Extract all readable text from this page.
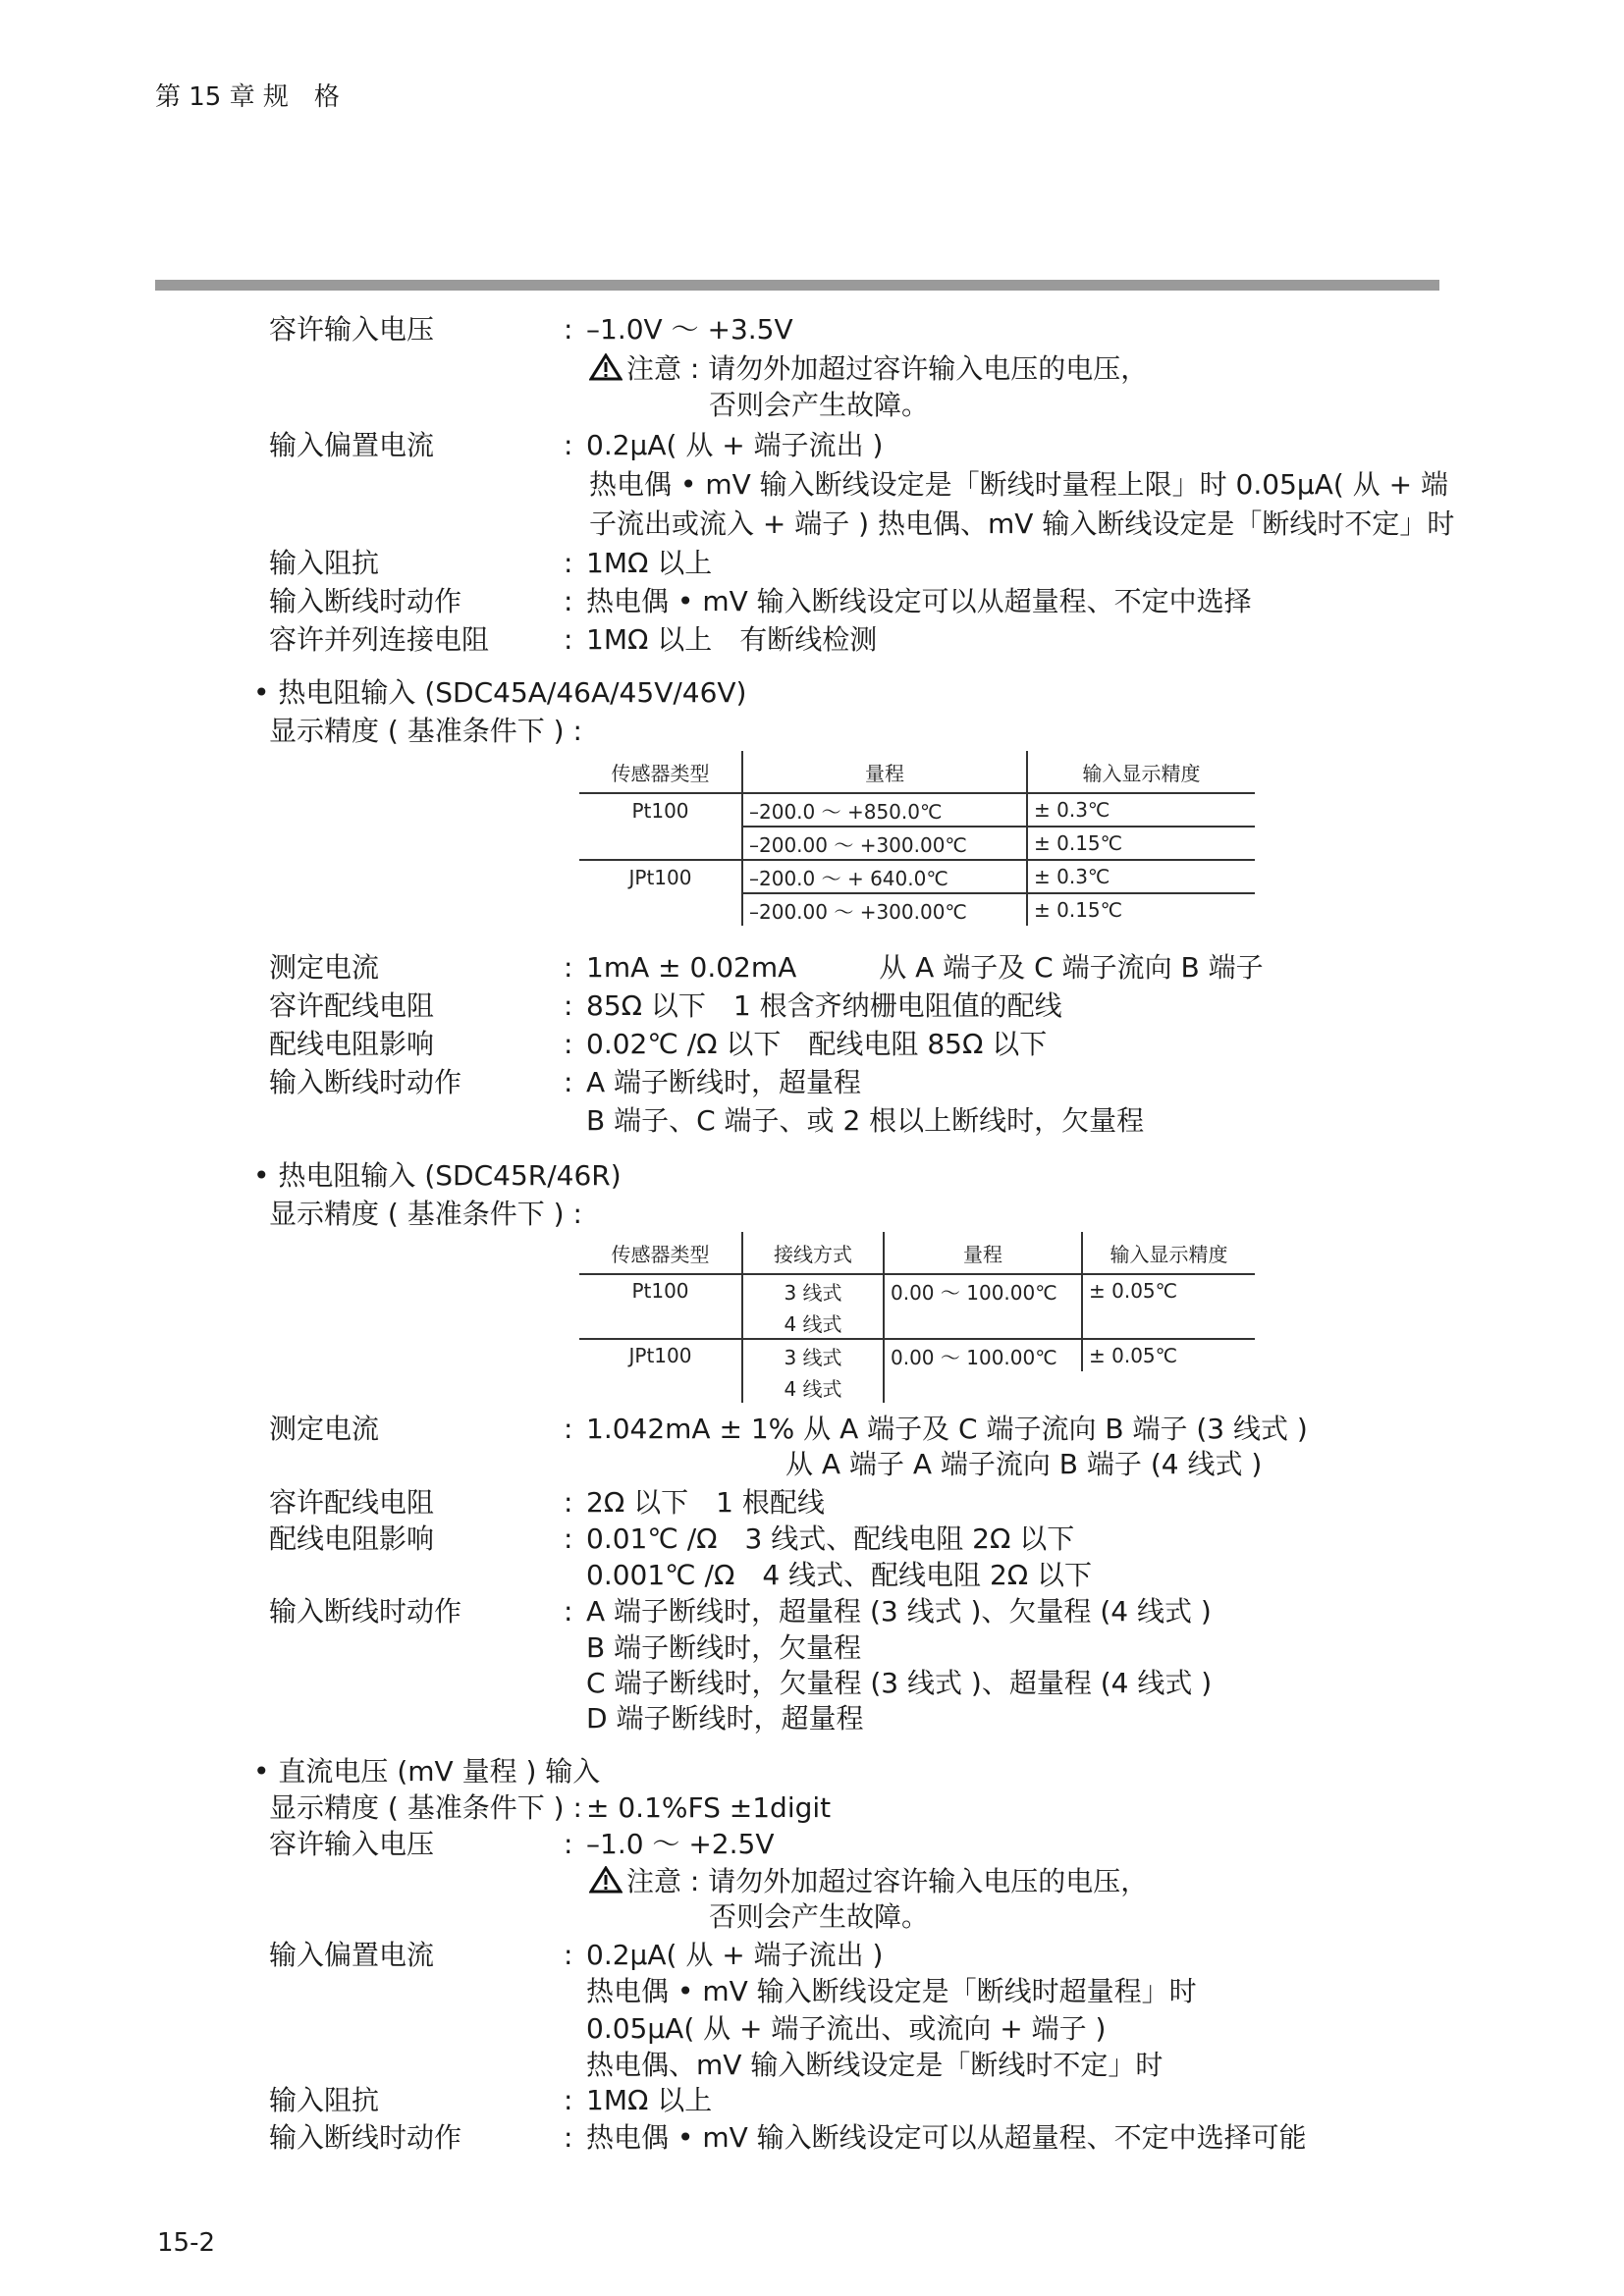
第 15 章 规　格
容许输入电压	: –1.0V ～ +3.5V
注意 : 请勿外加超过容许输入电压的电压，
否则会产生故障。
输入偏置电流	: 0.2μA( 从 + 端子流出 )
热电偶 • mV 输入断线设定是「断线时量程上限」时 0.05μA( 从 + 端
子流出或流入 + 端子 ) 热电偶、mV 输入断线设定是「断线时不定」时
输入阻抗	: 1MΩ 以上
输入断线时动作	: 热电偶 • mV 输入断线设定可以从超量程、不定中选择
容许并列连接电阻	: 1MΩ 以上　有断线检测
• 热电阻输入 (SDC45A/46A/45V/46V)
显示精度 ( 基准条件下 ) :
传感器类型	量程	输入显示精度
Pt100	–200.0 ～ +850.0℃	± 0.3℃
	–200.00 ～ +300.00℃	± 0.15℃
JPt100	–200.0 ～ + 640.0℃	± 0.3℃
	–200.00 ～ +300.00℃	± 0.15℃
测定电流	: 1mA ± 0.02mA　　　从 A 端子及 C 端子流向 B 端子
容许配线电阻	: 85Ω 以下　1 根含齐纳栅电阻值的配线
配线电阻影响	: 0.02℃ /Ω 以下　配线电阻 85Ω 以下
输入断线时动作	: A 端子断线时，超量程
B 端子、C 端子、或 2 根以上断线时，欠量程
• 热电阻输入 (SDC45R/46R)
显示精度 ( 基准条件下 ) :
传感器类型	接线方式	量程	输入显示精度
Pt100	3 线式	0.00 ～ 100.00℃	± 0.05℃
	4 线式		
JPt100	3 线式	0.00 ～ 100.00℃	± 0.05℃
	4 线式		
测定电流	: 1.042mA ± 1% 从 A 端子及 C 端子流向 B 端子 (3 线式 )
从 A 端子 A 端子流向 B 端子 (4 线式 )
容许配线电阻	: 2Ω 以下　1 根配线
配线电阻影响	: 0.01℃ /Ω　3 线式、配线电阻 2Ω 以下
0.001℃ /Ω　4 线式、配线电阻 2Ω 以下
输入断线时动作	: A 端子断线时，超量程 (3 线式 )、欠量程 (4 线式 )
B 端子断线时，欠量程
C 端子断线时，欠量程 (3 线式 )、超量程 (4 线式 )
D 端子断线时，超量程
• 直流电压 (mV 量程 ) 输入
显示精度 ( 基准条件下 ) : ± 0.1%FS ±1digit
容许输入电压	: –1.0 ～ +2.5V
注意 : 请勿外加超过容许输入电压的电压，
否则会产生故障。
输入偏置电流	: 0.2μA( 从 + 端子流出 )
热电偶 • mV 输入断线设定是「断线时超量程」时
0.05μA( 从 + 端子流出、或流向 + 端子 )
热电偶、mV 输入断线设定是「断线时不定」时
输入阻抗	: 1MΩ 以上
输入断线时动作	: 热电偶 • mV 输入断线设定可以从超量程、不定中选择可能
15-2
